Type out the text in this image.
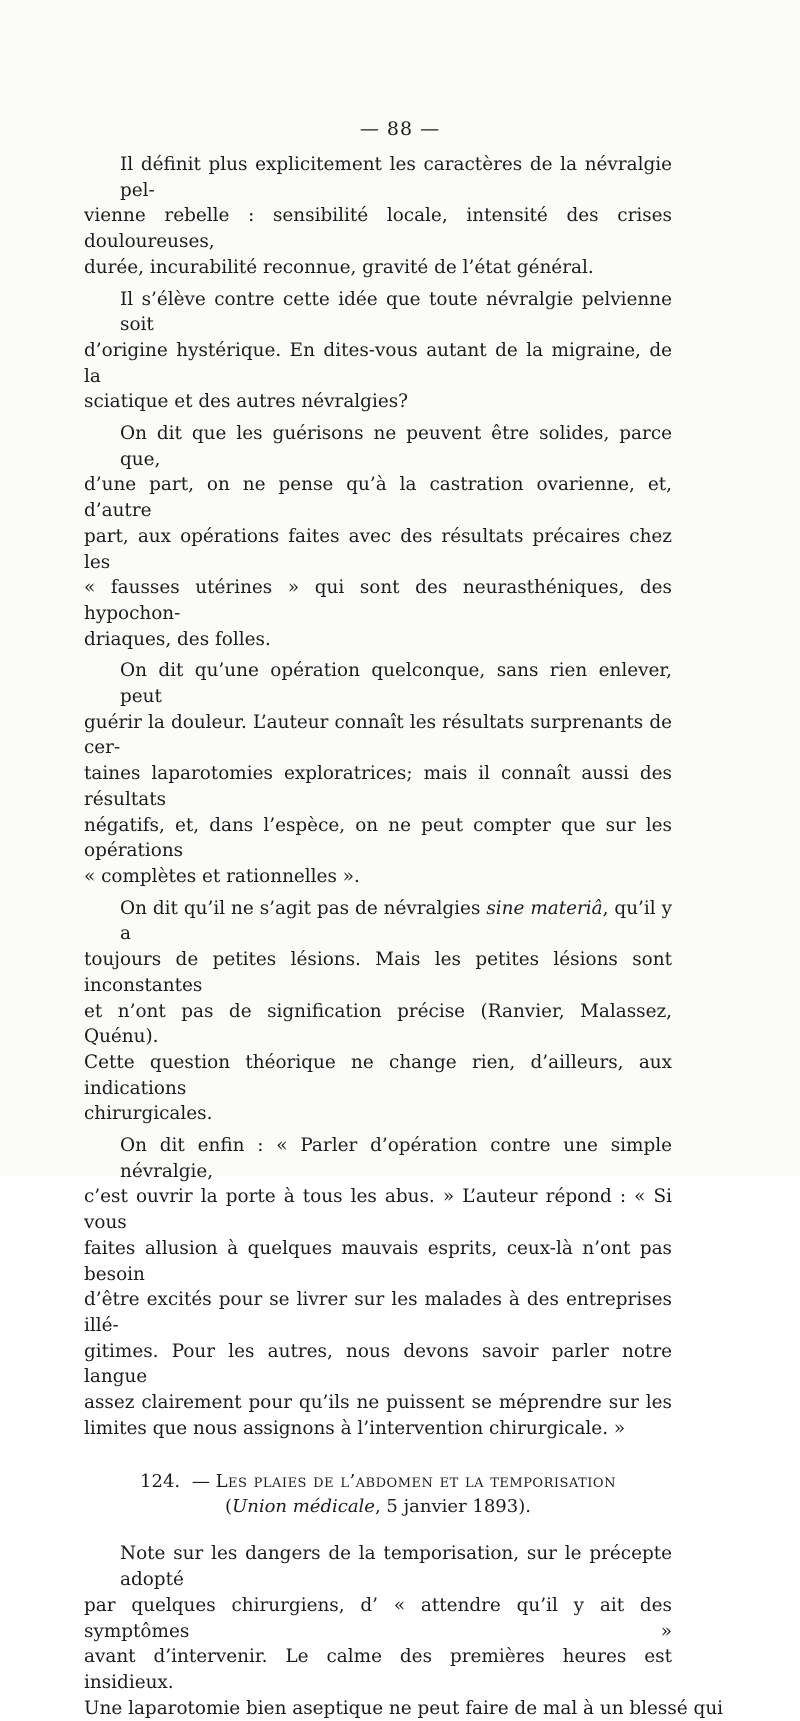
— 88 —
Il définit plus explicitement les caractères de la névralgie pel-
vienne rebelle : sensibilité locale, intensité des crises douloureuses,
durée, incurabilité reconnue, gravité de l’état général.
Il s’élève contre cette idée que toute névralgie pelvienne soit
d’origine hystérique. En dites-vous autant de la migraine, de la
sciatique et des autres névralgies?
On dit que les guérisons ne peuvent être solides, parce que,
d’une part, on ne pense qu’à la castration ovarienne, et, d’autre
part, aux opérations faites avec des résultats précaires chez les
« fausses utérines » qui sont des neurasthéniques, des hypochon-
driaques, des folles.
On dit qu’une opération quelconque, sans rien enlever, peut
guérir la douleur. L’auteur connaît les résultats surprenants de cer-
taines laparotomies exploratrices; mais il connaît aussi des résultats
négatifs, et, dans l’espèce, on ne peut compter que sur les opérations
« complètes et rationnelles ».
On dit qu’il ne s’agit pas de névralgies sine materiâ, qu’il y a
toujours de petites lésions. Mais les petites lésions sont inconstantes
et n’ont pas de signification précise (Ranvier, Malassez, Quénu).
Cette question théorique ne change rien, d’ailleurs, aux indications
chirurgicales.
On dit enfin : « Parler d’opération contre une simple névralgie,
c’est ouvrir la porte à tous les abus. » L’auteur répond : « Si vous
faites allusion à quelques mauvais esprits, ceux-là n’ont pas besoin
d’être excités pour se livrer sur les malades à des entreprises illé-
gitimes. Pour les autres, nous devons savoir parler notre langue
assez clairement pour qu’ils ne puissent se méprendre sur les
limites que nous assignons à l’intervention chirurgicale. »
124. — Les plaies de l’abdomen et la temporisation
(Union médicale, 5 janvier 1893).
Note sur les dangers de la temporisation, sur le précepte adopté
par quelques chirurgiens, d’ « attendre qu’il y ait des symptômes »
avant d’intervenir. Le calme des premières heures est insidieux.
Une laparotomie bien aseptique ne peut faire de mal à un blessé qui
